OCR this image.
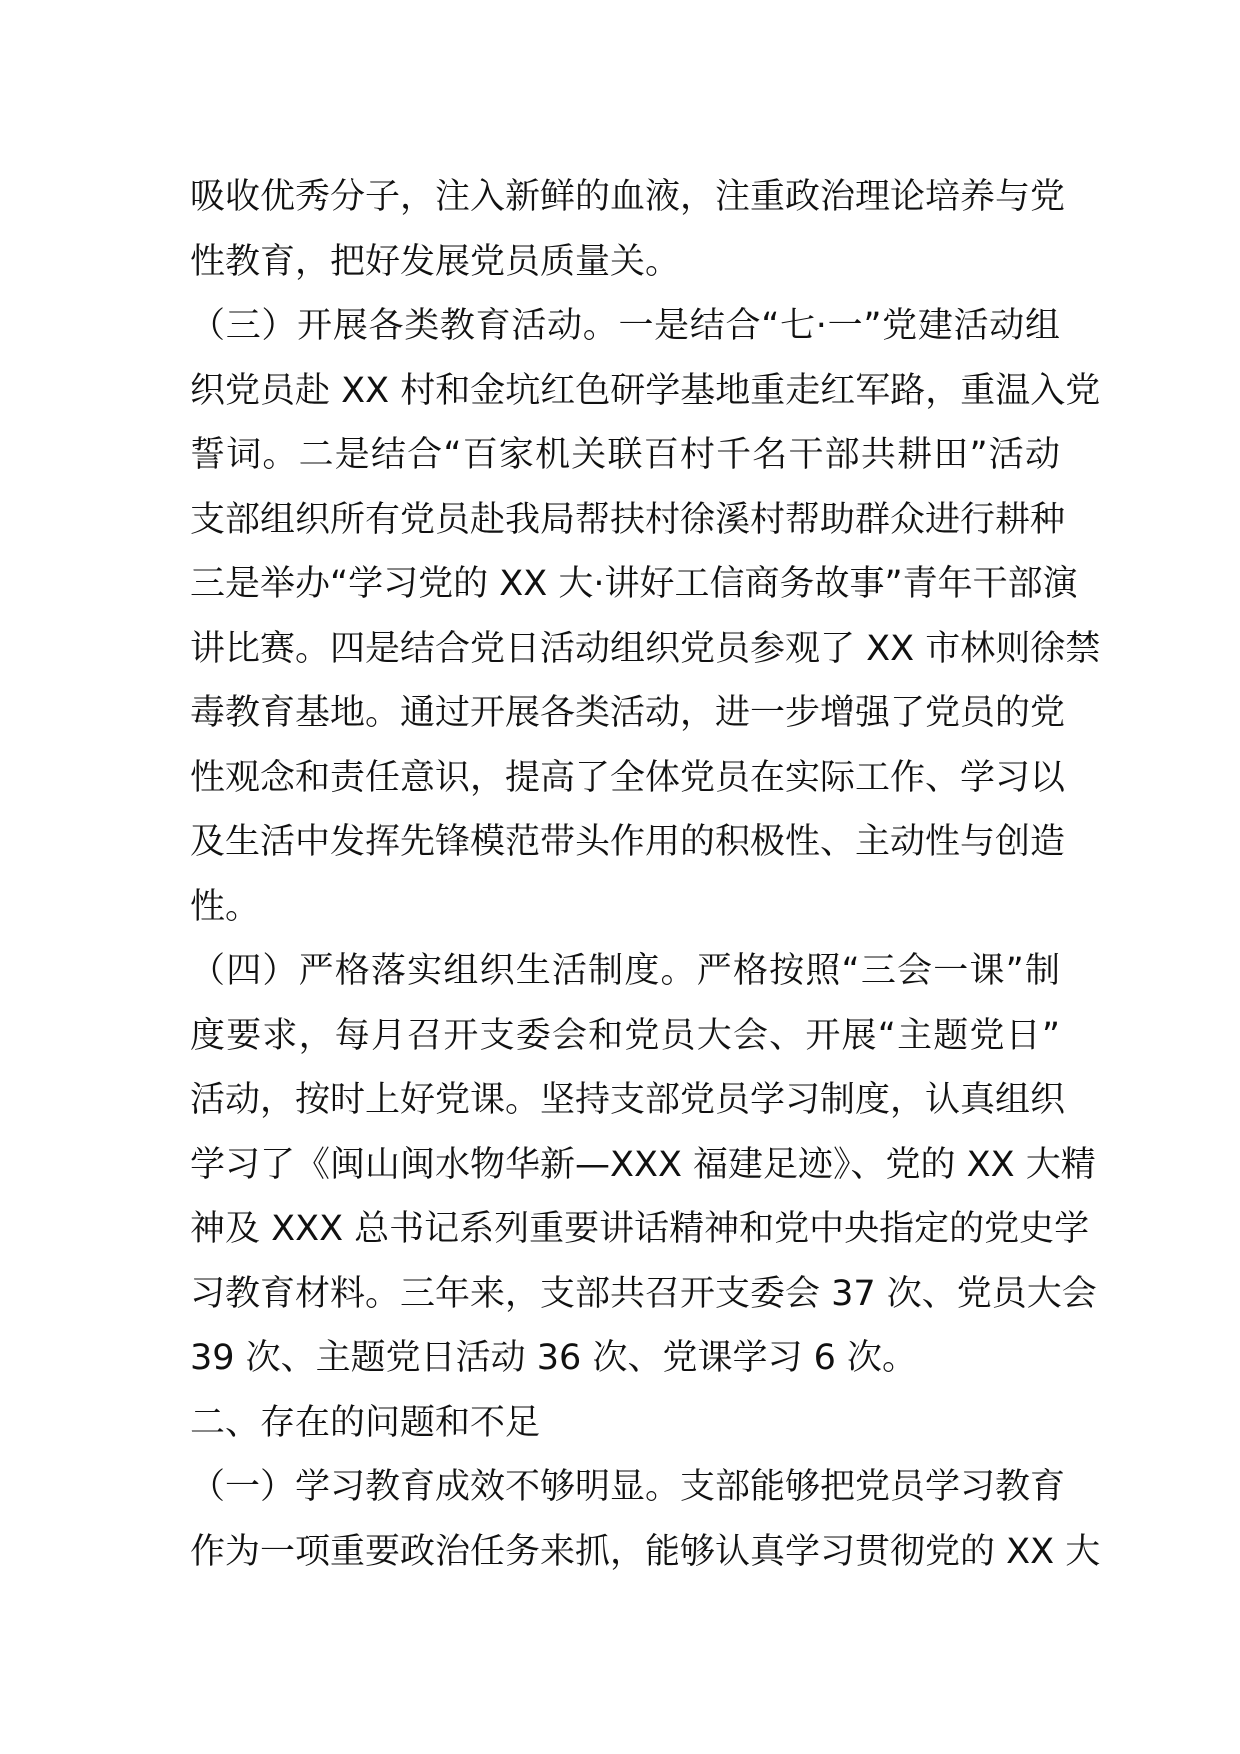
吸收优秀分子，注入新鲜的血液，注重政治理论培养与党
性教育，把好发展党员质量关。
（三）开展各类教育活动。一是结合“七·一”党建活动组
织党员赴 XX 村和金坑红色研学基地重走红军路，重温入党
誓词。二是结合“百家机关联百村千名干部共耕田”活动
支部组织所有党员赴我局帮扶村徐溪村帮助群众进行耕种
三是举办“学习党的 XX 大·讲好工信商务故事”青年干部演
讲比赛。四是结合党日活动组织党员参观了 XX 市林则徐禁
毒教育基地。通过开展各类活动，进一步增强了党员的党
性观念和责任意识，提高了全体党员在实际工作、学习以
及生活中发挥先锋模范带头作用的积极性、主动性与创造
性。
（四）严格落实组织生活制度。严格按照“三会一课”制
度要求，每月召开支委会和党员大会、开展“主题党日”
活动，按时上好党课。坚持支部党员学习制度，认真组织
学习了《闽山闽水物华新—XXX 福建足迹》、党的 XX 大精
神及 XXX 总书记系列重要讲话精神和党中央指定的党史学
习教育材料。三年来，支部共召开支委会 37 次、党员大会
39 次、主题党日活动 36 次、党课学习 6 次。
二、存在的问题和不足
（一）学习教育成效不够明显。支部能够把党员学习教育
作为一项重要政治任务来抓，能够认真学习贯彻党的 XX 大
